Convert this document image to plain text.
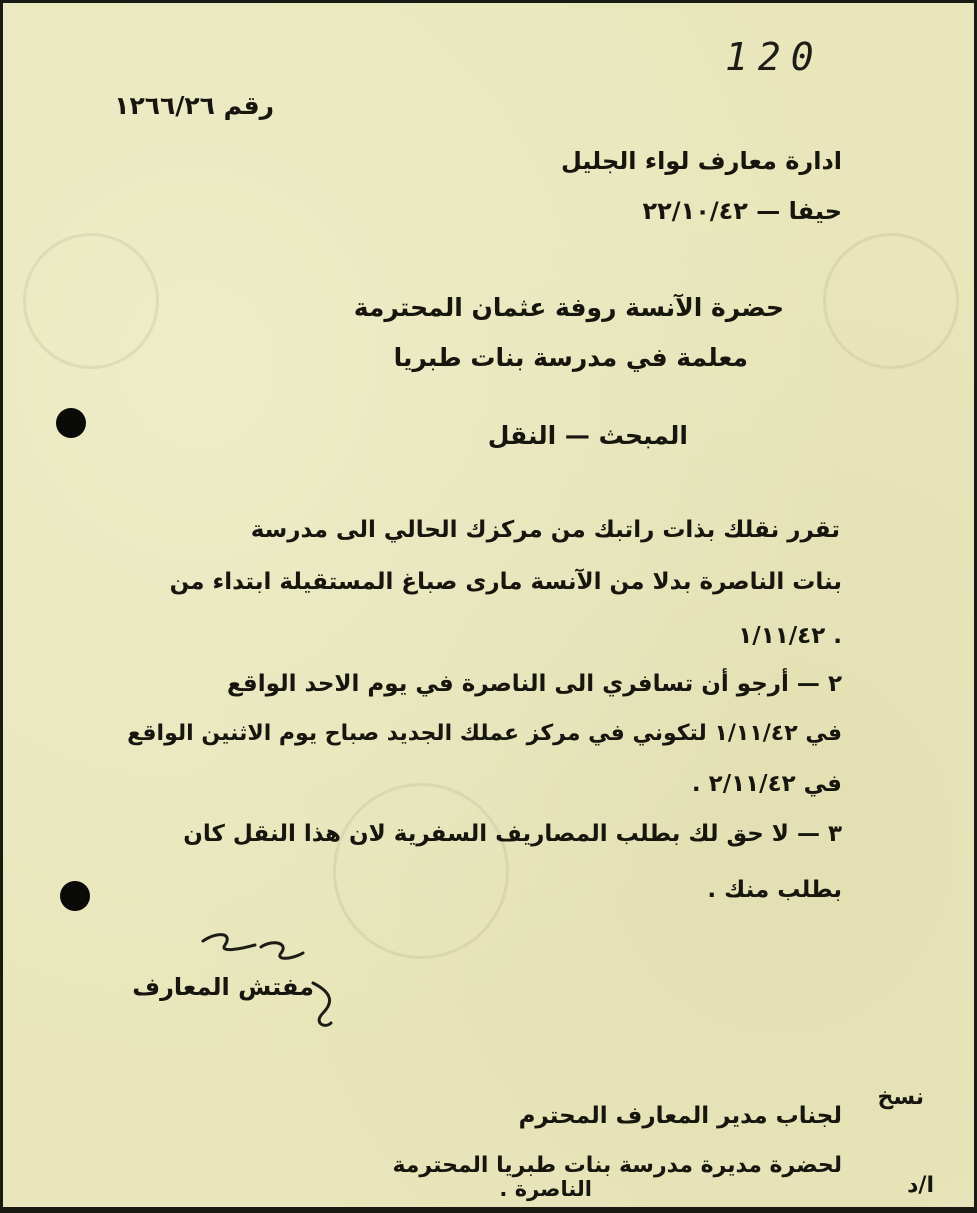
120
رقم ١٢٦٦/٢٦
ادارة معارف لواء الجليل
حيفا — ٢٢/١٠/٤٢
حضرة الآنسة روفة عثمان المحترمة
معلمة في مدرسة بنات طبريا
المبحث — النقل
تقرر نقلك بذات راتبك من مركزك الحالي الى مدرسة
بنات الناصرة بدلا من الآنسة مارى صباغ المستقيلة ابتداء من
١/١١/٤٢ .
٢ — أرجو أن تسافري الى الناصرة في يوم الاحد الواقع
في ١/١١/٤٢ لتكوني في مركز عملك الجديد صباح يوم الاثنين الواقع
في ٢/١١/٤٢ .
٣ — لا حق لك بطلب المصاريف السفرية لان هذا النقل كان
بطلب منك .
مفتش المعارف
نسخ
لجناب مدير المعارف المحترم
لحضرة مديرة مدرسة بنات طبريا المحترمة
الناصرة .	ا/د
